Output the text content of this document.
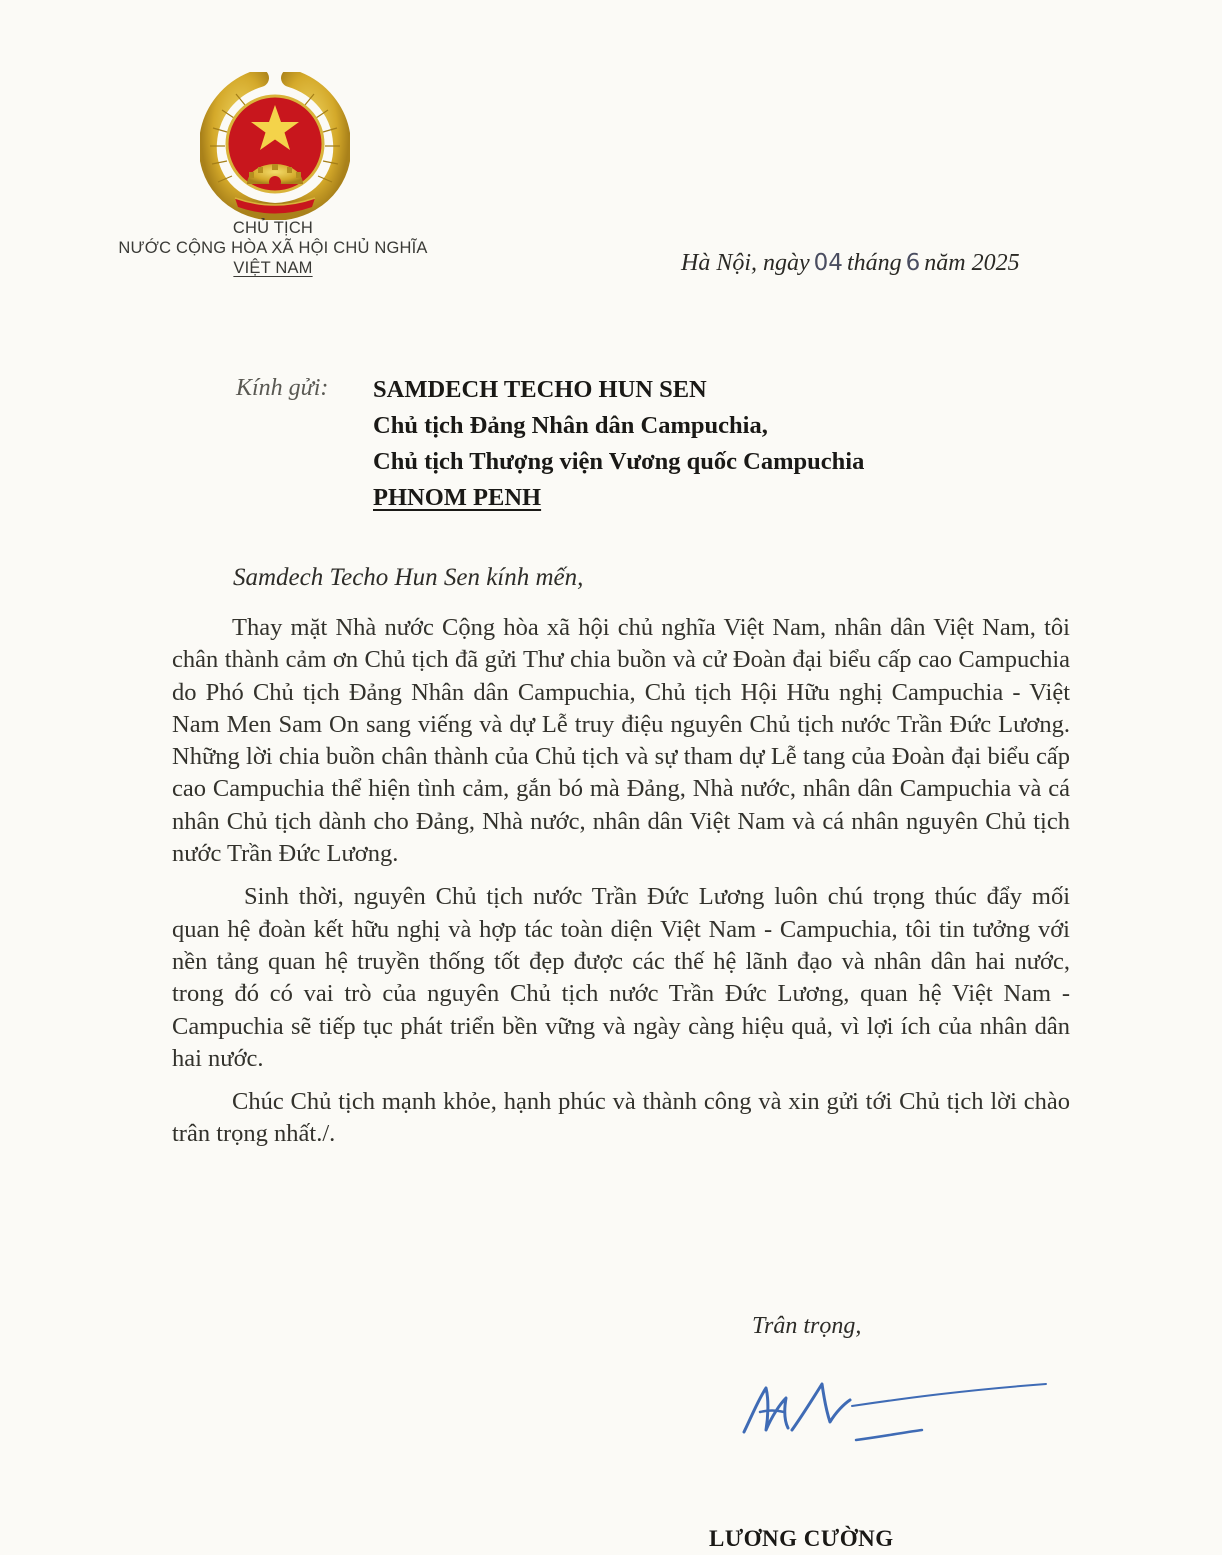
CHỦ TỊCH
NƯỚC CỘNG HÒA XÃ HỘI CHỦ NGHĨA
VIỆT NAM	Hà Nội, ngày 04 tháng 6 năm 2025
Kính gửi: SAMDECH TECHO HUN SEN
Chủ tịch Đảng Nhân dân Campuchia,
Chủ tịch Thượng viện Vương quốc Campuchia
PHNOM PENH
Samdech Techo Hun Sen kính mến,

Thay mặt Nhà nước Cộng hòa xã hội chủ nghĩa Việt Nam, nhân dân Việt Nam, tôi chân thành cảm ơn Chủ tịch đã gửi Thư chia buồn và cử Đoàn đại biểu cấp cao Campuchia do Phó Chủ tịch Đảng Nhân dân Campuchia, Chủ tịch Hội Hữu nghị Campuchia - Việt Nam Men Sam On sang viếng và dự Lễ truy điệu nguyên Chủ tịch nước Trần Đức Lương. Những lời chia buồn chân thành của Chủ tịch và sự tham dự Lễ tang của Đoàn đại biểu cấp cao Campuchia thể hiện tình cảm, gắn bó mà Đảng, Nhà nước, nhân dân Campuchia và cá nhân Chủ tịch dành cho Đảng, Nhà nước, nhân dân Việt Nam và cá nhân nguyên Chủ tịch nước Trần Đức Lương.

Sinh thời, nguyên Chủ tịch nước Trần Đức Lương luôn chú trọng thúc đẩy mối quan hệ đoàn kết hữu nghị và hợp tác toàn diện Việt Nam - Campuchia, tôi tin tưởng với nền tảng quan hệ truyền thống tốt đẹp được các thế hệ lãnh đạo và nhân dân hai nước, trong đó có vai trò của nguyên Chủ tịch nước Trần Đức Lương, quan hệ Việt Nam - Campuchia sẽ tiếp tục phát triển bền vững và ngày càng hiệu quả, vì lợi ích của nhân dân hai nước.

Chúc Chủ tịch mạnh khỏe, hạnh phúc và thành công và xin gửi tới Chủ tịch lời chào trân trọng nhất./.

Trân trọng,
LƯƠNG CƯỜNG
